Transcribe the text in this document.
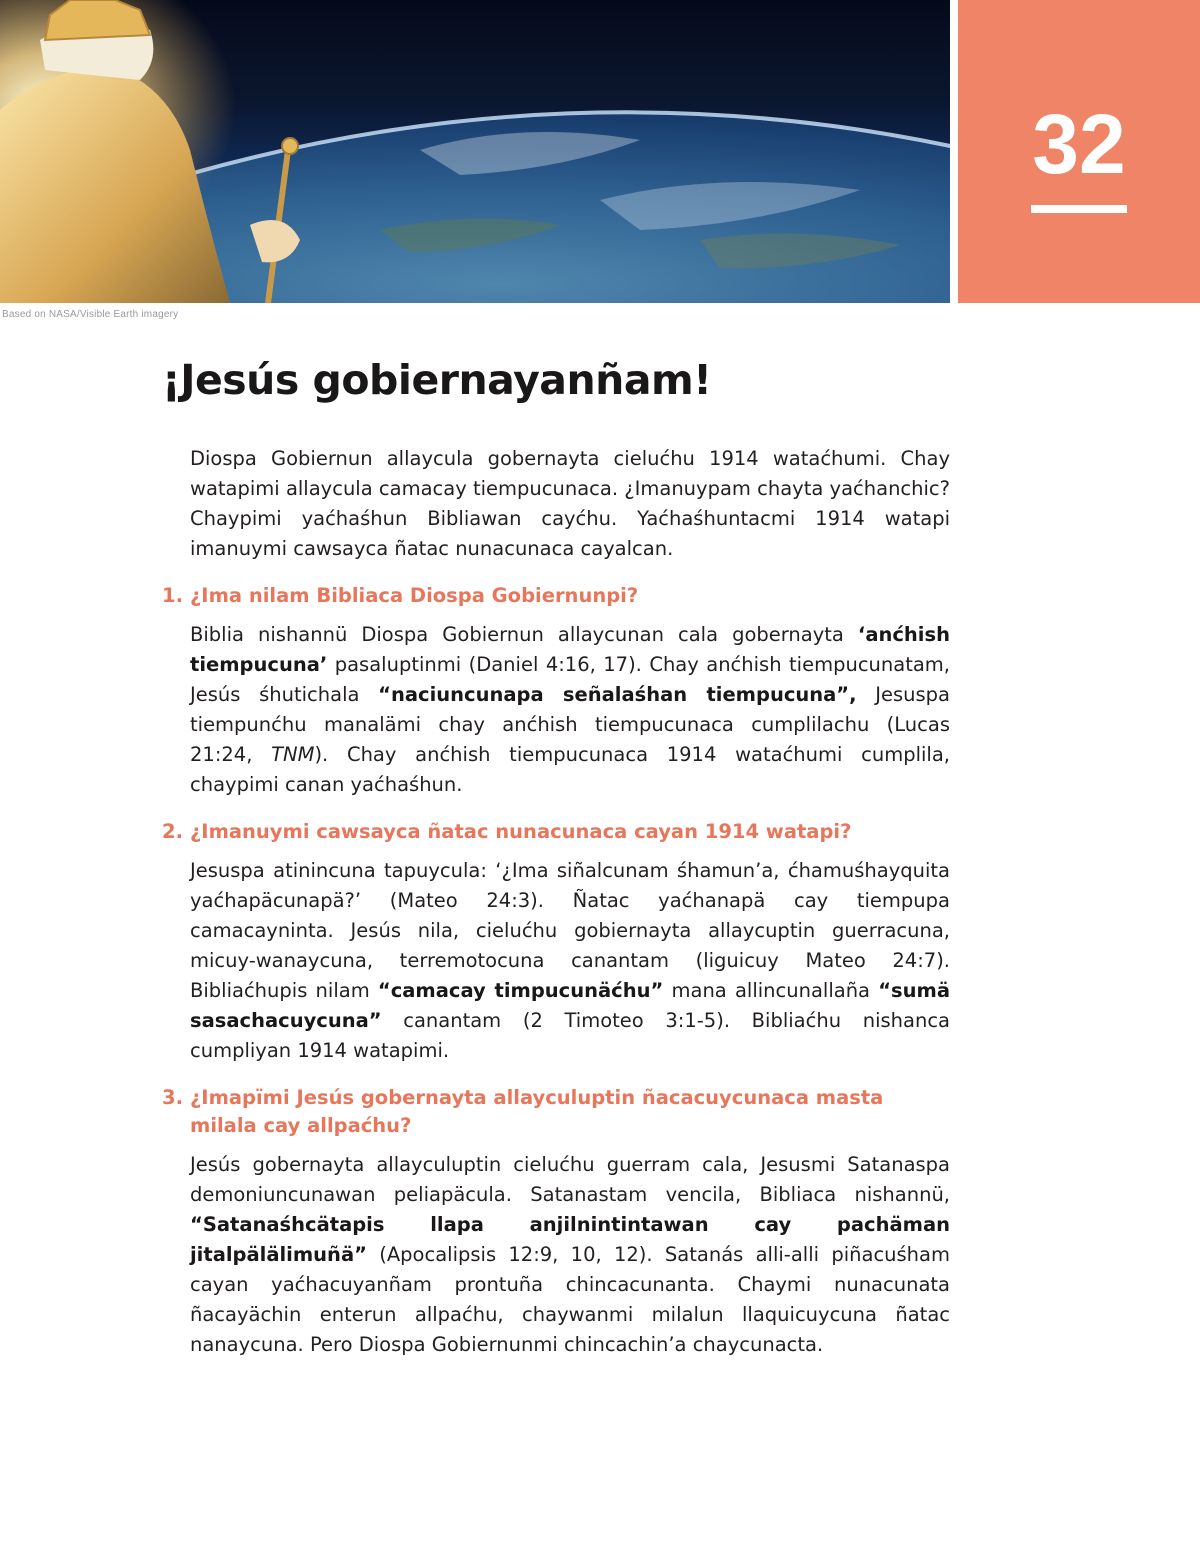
Based on NASA/Visible Earth imagery
32
¡Jesús gobiernayanñam!

Diospa Gobiernun allaycula gobernayta cielućhu 1914 watаćhumi. Chay watapimi allaycula camacay tiempucunaca. ¿Imanuypam chayta yaćhanchic? Chaypimi yaćhaśhun Bibliawan cayćhu. Yaćhaśhuntacmi 1914 watapi imanuymi cawsayca ñatac nunacunaca cayalcan.

1. ¿Ima nilam Bibliaca Diospa Gobiernunpi?

Biblia nishannü Diospa Gobiernun allaycunan cala gobernayta ‘anćhish tiempucuna’ pasaluptinmi (Daniel 4:16, 17). Chay anćhish tiempucunatam, Jesús śhutichala “naciuncunapa señalaśhan tiempucuna”, Jesuspa tiempunćhu manalämi chay anćhish tiempucunaca cumplilachu (Lucas 21:24, TNM). Chay anćhish tiempucunaca 1914 watаćhumi cumplila, chaypimi canan yaćhaśhun.

2. ¿Imanuymi cawsayca ñatac nunacunaca cayan 1914 watapi?

Jesuspa atinincuna tapuycula: ‘¿Ima siñalcunam śhamun’a, ćhamuśhayquita yaćhapäcunapä?’ (Mateo 24:3). Ñatac yaćhanapä cay tiempupa camacayninta. Jesús nila, cielućhu gobiernayta allaycuptin guerracuna, micuy-wanaycuna, terremotocuna canantam (liguicuy Mateo 24:7). Bibliaćhupis nilam “camacay timpucunäćhu” mana allincunallaña “sumä sasachacuycuna” canantam (2 Timoteo 3:1-5). Bibliaćhu nishanca cumpliyan 1914 watapimi.

3. ¿Imapïmi Jesús gobernayta allayculuptin ñacacuycunaca masta milala cay allpaćhu?

Jesús gobernayta allayculuptin cielućhu guerram cala, Jesusmi Satanaspa demoniuncunawan peliapäcula. Satanastam vencila, Bibliaca nishannü, “Satanaśhcätapis llapa anjilnintintawan cay pachäman jitalpälälimuñä” (Apocalipsis 12:9, 10, 12). Satanás alli-alli piñacuśham cayan yaćhacuyanñam prontuña chincacunanta. Chaymi nunacunata ñacayächin enterun allpaćhu, chaywanmi milalun llaquicuycuna ñatac nanaycuna. Pero Diospa Gobiernunmi chincachin’a chaycunacta.
